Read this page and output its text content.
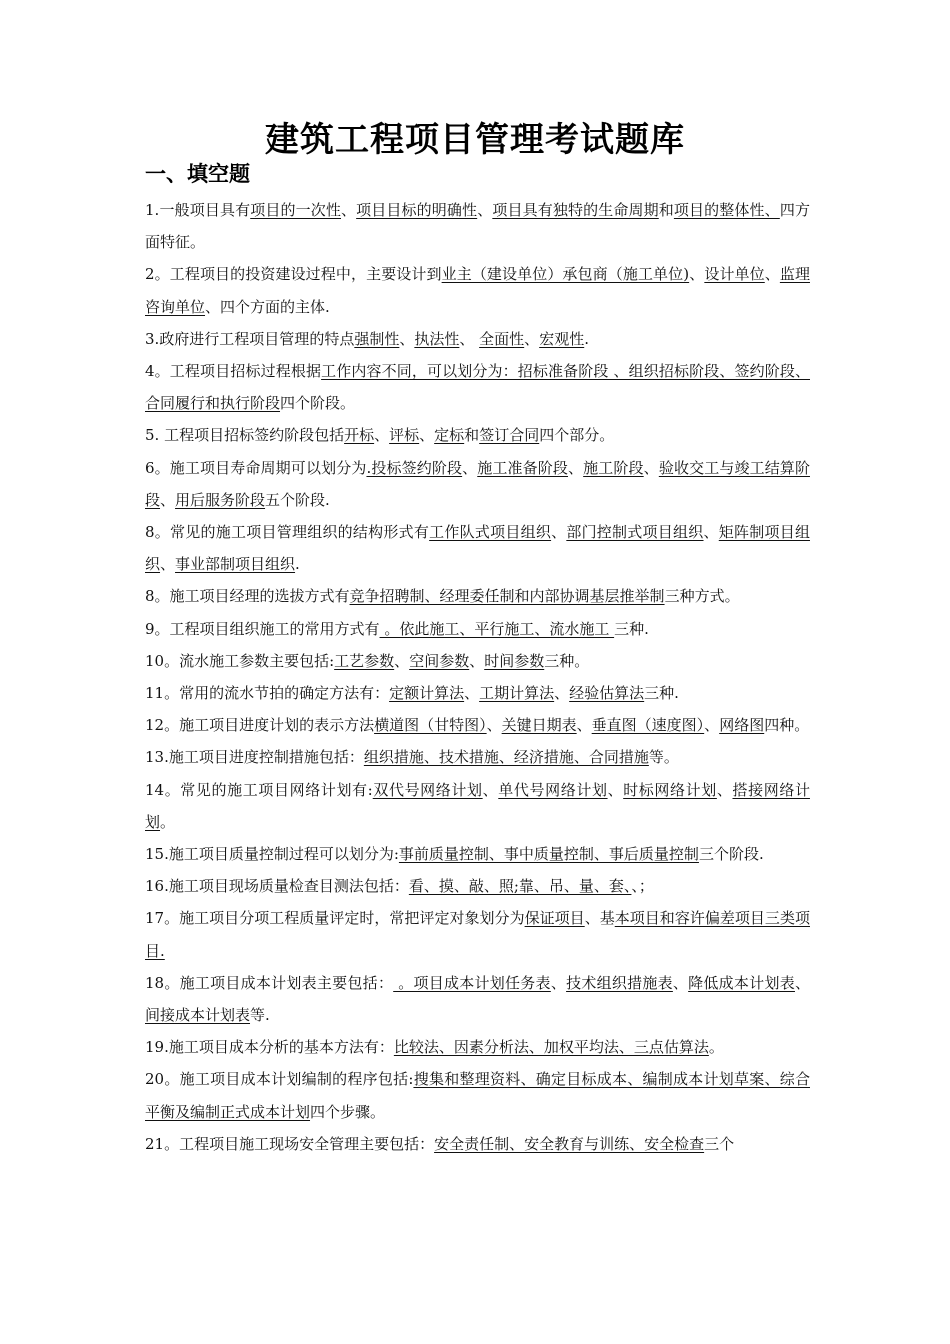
建筑工程项目管理考试题库
一、填空题

1.一般项目具有项目的一次性、项目目标的明确性、项目具有独特的生命周期和项目的整体性、四方面特征。

2。工程项目的投资建设过程中，主要设计到业主（建设单位）承包商（施工单位)、设计单位、监理咨询单位、四个方面的主体.

3.政府进行工程项目管理的特点强制性、执法性、 全面性、宏观性.

4。工程项目招标过程根据工作内容不同，可以划分为：招标准备阶段 、组织招标阶段、签约阶段、合同履行和执行阶段四个阶段。

5. 工程项目招标签约阶段包括开标、评标、定标和签订合同四个部分。

6。施工项目寿命周期可以划分为.投标签约阶段、施工准备阶段、施工阶段、验收交工与竣工结算阶段、用后服务阶段五个阶段.

8。常见的施工项目管理组织的结构形式有工作队式项目组织、部门控制式项目组织、矩阵制项目组织、事业部制项目组织.

8。施工项目经理的选拔方式有竞争招聘制、经理委任制和内部协调基层推举制三种方式。

9。工程项目组织施工的常用方式有 。依此施工、平行施工、流水施工 三种.

10。流水施工参数主要包括:工艺参数、空间参数、时间参数三种。

11。常用的流水节拍的确定方法有：定额计算法、工期计算法、经验估算法三种.

12。施工项目进度计划的表示方法横道图（甘特图）、关键日期表、垂直图（速度图）、网络图四种。

13.施工项目进度控制措施包括：组织措施、技术措施、经济措施、合同措施等。

14。常见的施工项目网络计划有:双代号网络计划、单代号网络计划、时标网络计划、搭接网络计划。

15.施工项目质量控制过程可以划分为:事前质量控制、事中质量控制、事后质量控制三个阶段.

16.施工项目现场质量检查目测法包括：看、摸、敲、照;靠、吊、量、套、、；

17。施工项目分项工程质量评定时，常把评定对象划分为保证项目、基本项目和容许偏差项目三类项目.

18。施工项目成本计划表主要包括： 。项目成本计划任务表、技术组织措施表、降低成本计划表、间接成本计划表等.

19.施工项目成本分析的基本方法有：比较法、因素分析法、加权平均法、三点估算法。

20。施工项目成本计划编制的程序包括:搜集和整理资料、确定目标成本、编制成本计划草案、综合平衡及编制正式成本计划四个步骤。

21。工程项目施工现场安全管理主要包括：安全责任制、安全教育与训练、安全检查三个
